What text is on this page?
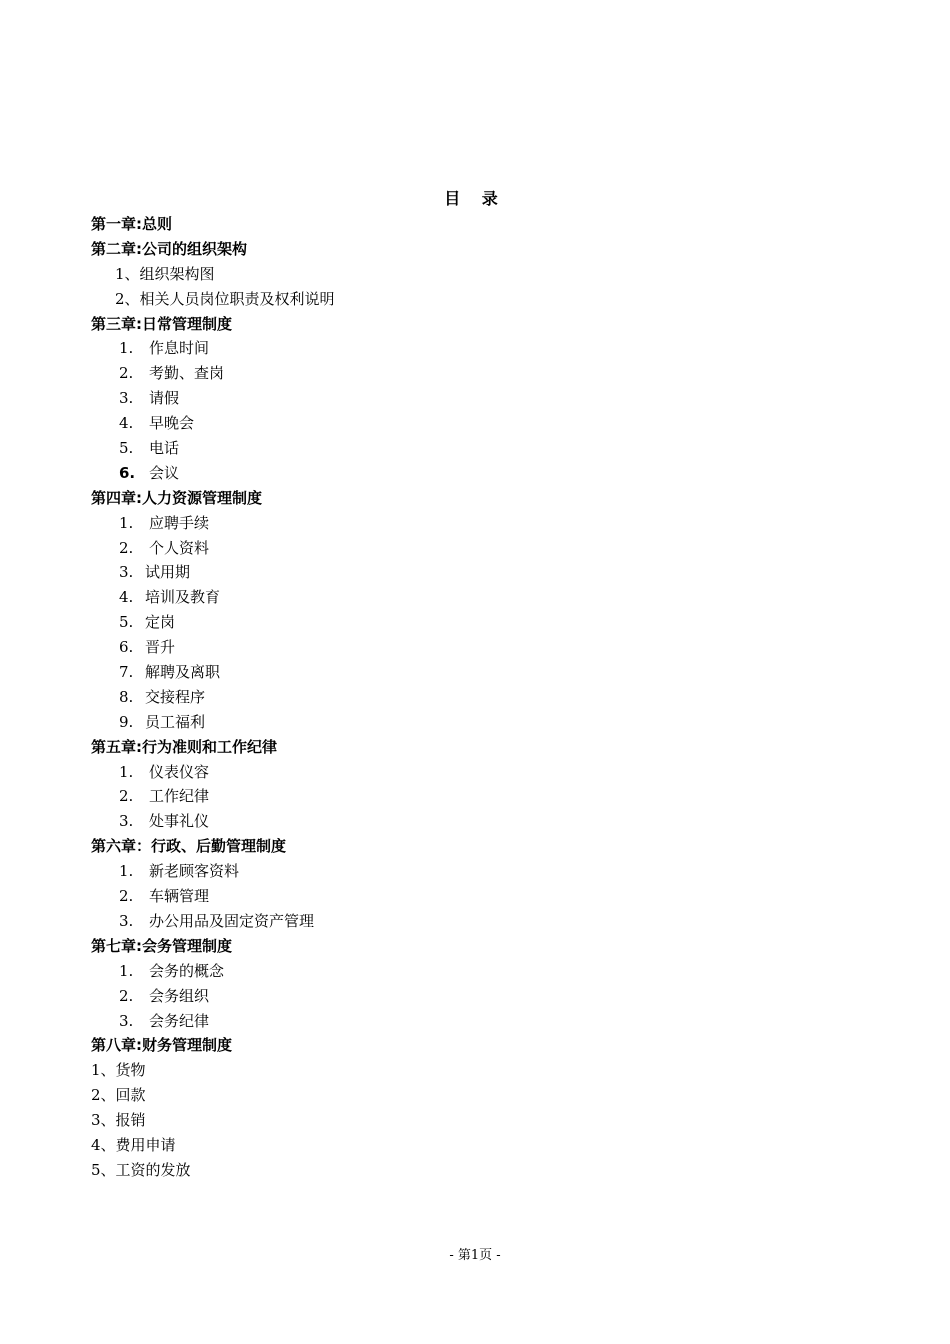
目 录
第一章:总则
第二章:公司的组织架构
1、组织架构图
2、相关人员岗位职责及权利说明
第三章:日常管理制度
1. 作息时间
2. 考勤、查岗
3. 请假
4. 早晚会
5. 电话
6. 会议
第四章:人力资源管理制度
1. 应聘手续
2. 个人资料
3. 试用期
4. 培训及教育
5. 定岗
6. 晋升
7. 解聘及离职
8. 交接程序
9. 员工福利
第五章:行为准则和工作纪律
1. 仪表仪容
2. 工作纪律
3. 处事礼仪
第六章：行政、后勤管理制度
1. 新老顾客资料
2. 车辆管理
3. 办公用品及固定资产管理
第七章:会务管理制度
1. 会务的概念
2. 会务组织
3. 会务纪律
第八章:财务管理制度
1、货物
2、回款
3、报销
4、费用申请
5、工资的发放
- 第1页 -
